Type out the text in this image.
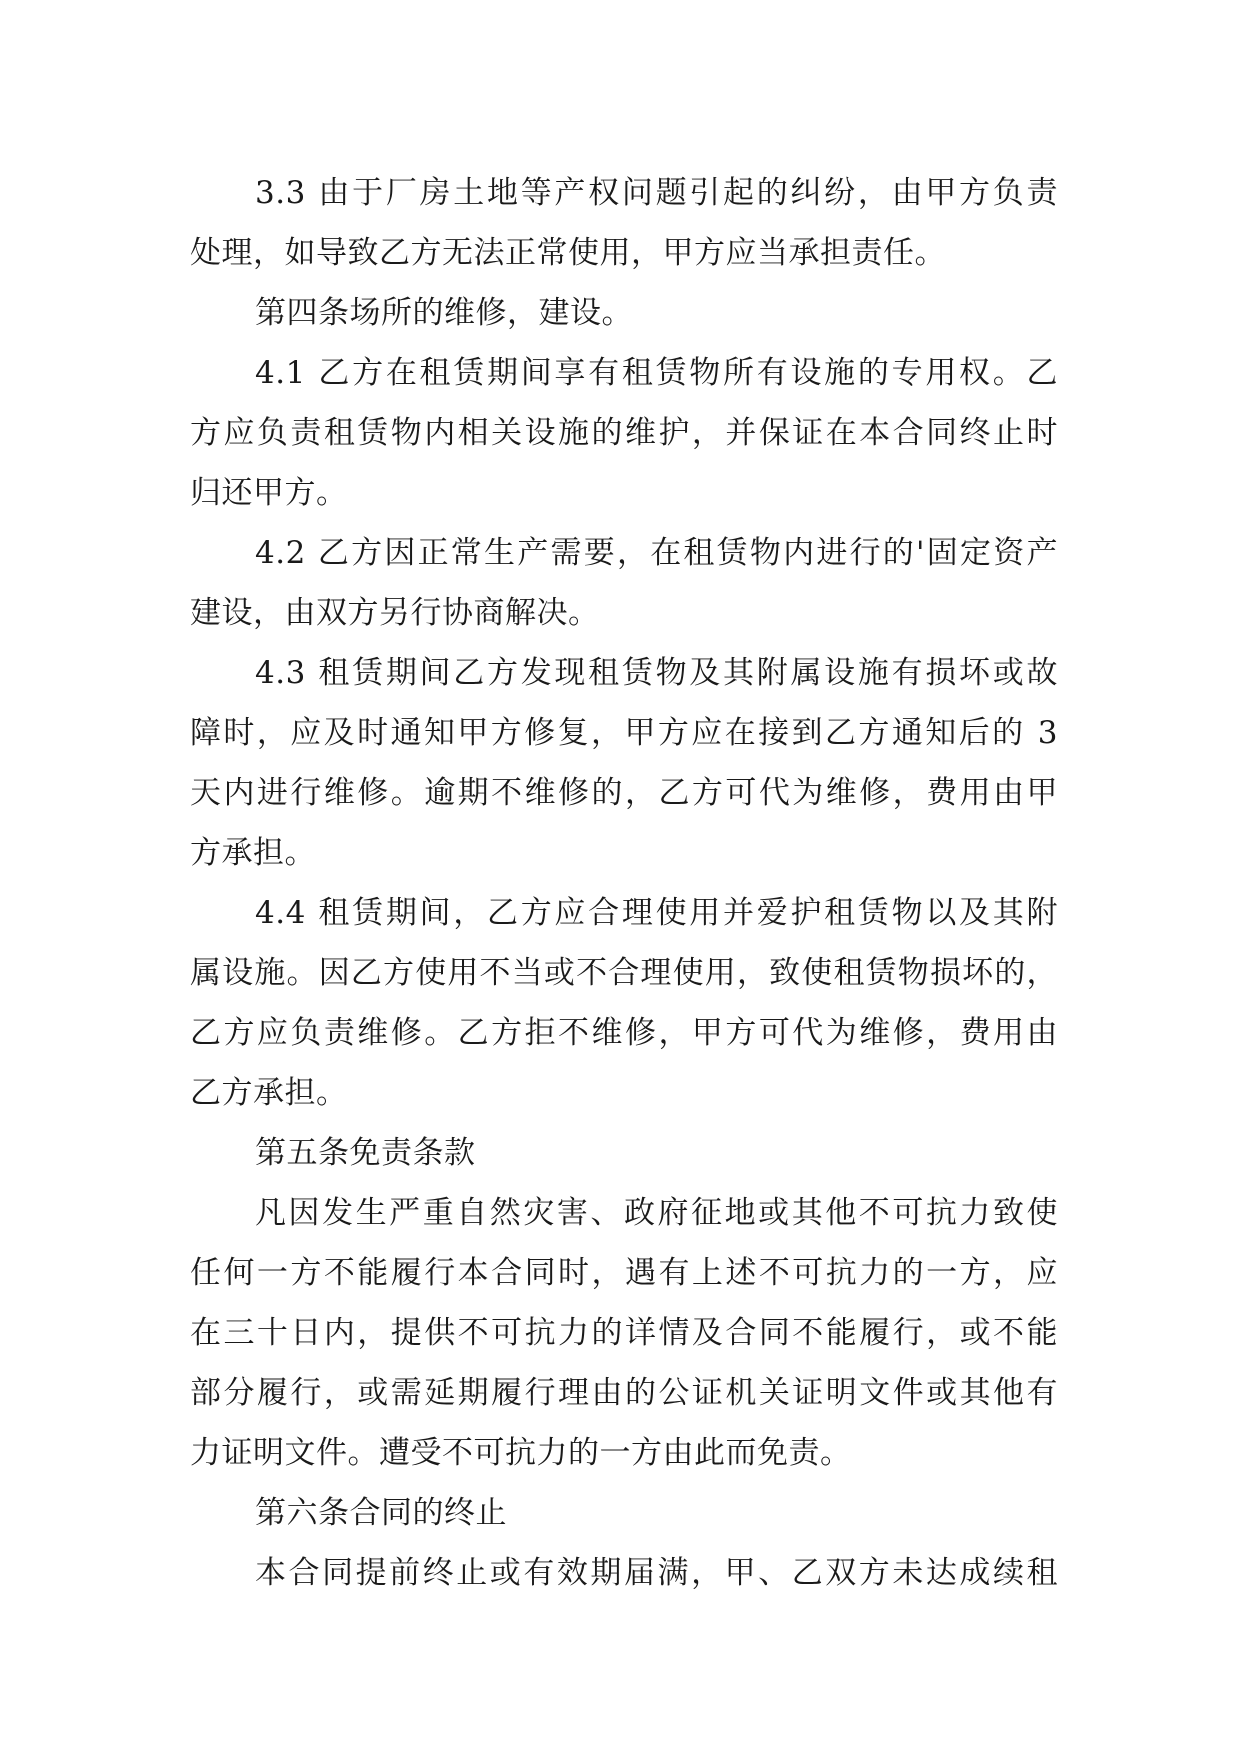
3.3 由于厂房土地等产权问题引起的纠纷，由甲方负责
处理，如导致乙方无法正常使用，甲方应当承担责任。
第四条场所的维修，建设。
4.1 乙方在租赁期间享有租赁物所有设施的专用权。乙
方应负责租赁物内相关设施的维护，并保证在本合同终止时
归还甲方。
4.2 乙方因正常生产需要，在租赁物内进行的'固定资产
建设，由双方另行协商解决。
4.3 租赁期间乙方发现租赁物及其附属设施有损坏或故
障时，应及时通知甲方修复，甲方应在接到乙方通知后的 3
天内进行维修。逾期不维修的，乙方可代为维修，费用由甲
方承担。
4.4 租赁期间，乙方应合理使用并爱护租赁物以及其附
属设施。因乙方使用不当或不合理使用，致使租赁物损坏的，
乙方应负责维修。乙方拒不维修，甲方可代为维修，费用由
乙方承担。
第五条免责条款
凡因发生严重自然灾害、政府征地或其他不可抗力致使
任何一方不能履行本合同时，遇有上述不可抗力的一方，应
在三十日内，提供不可抗力的详情及合同不能履行，或不能
部分履行，或需延期履行理由的公证机关证明文件或其他有
力证明文件。遭受不可抗力的一方由此而免责。
第六条合同的终止
本合同提前终止或有效期届满，甲、乙双方未达成续租
